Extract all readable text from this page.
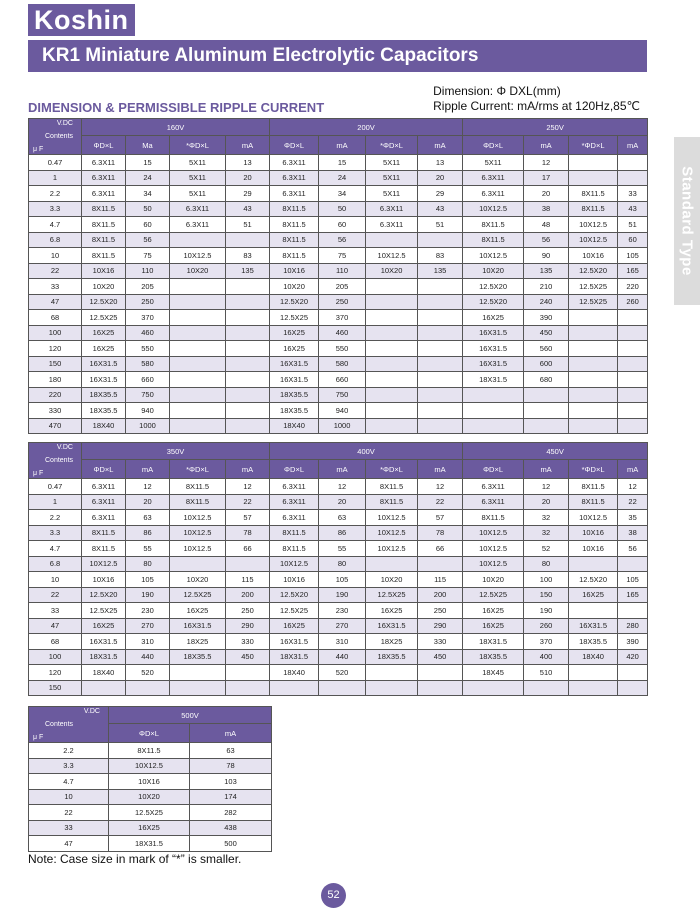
Koshin
KR1 Miniature Aluminum Electrolytic Capacitors
Dimension: Φ DXL(mm)
Ripple Current: mA/rms at 120Hz,85℃
DIMENSION & PERMISSIBLE RIPPLE CURRENT
Standard Type
V.DC
Contents
μ F	160V				200V				250V			
	ΦD×L	Ma	*ΦD×L	mA	ΦD×L	mA	*ΦD×L	mA	ΦD×L	mA	*ΦD×L	mA
0.47	6.3X11	15	5X11	13	6.3X11	15	5X11	13	5X11	12		
1	6.3X11	24	5X11	20	6.3X11	24	5X11	20	6.3X11	17		
2.2	6.3X11	34	5X11	29	6.3X11	34	5X11	29	6.3X11	20	8X11.5	33
3.3	8X11.5	50	6.3X11	43	8X11.5	50	6.3X11	43	10X12.5	38	8X11.5	43
4.7	8X11.5	60	6.3X11	51	8X11.5	60	6.3X11	51	8X11.5	48	10X12.5	51
6.8	8X11.5	56			8X11.5	56			8X11.5	56	10X12.5	60
10	8X11.5	75	10X12.5	83	8X11.5	75	10X12.5	83	10X12.5	90	10X16	105
22	10X16	110	10X20	135	10X16	110	10X20	135	10X20	135	12.5X20	165
33	10X20	205			10X20	205			12.5X20	210	12.5X25	220
47	12.5X20	250			12.5X20	250			12.5X20	240	12.5X25	260
68	12.5X25	370			12.5X25	370			16X25	390		
100	16X25	460			16X25	460			16X31.5	450		
120	16X25	550			16X25	550			16X31.5	560		
150	16X31.5	580			16X31.5	580			16X31.5	600		
180	16X31.5	660			16X31.5	660			18X31.5	680		
220	18X35.5	750			18X35.5	750						
330	18X35.5	940			18X35.5	940						
470	18X40	1000			18X40	1000						
V.DC
Contents
μ F	350V				400V				450V			
	ΦD×L	mA	*ΦD×L	mA	ΦD×L	mA	*ΦD×L	mA	ΦD×L	mA	*ΦD×L	mA
0.47	6.3X11	12	8X11.5	12	6.3X11	12	8X11.5	12	6.3X11	12	8X11.5	12
1	6.3X11	20	8X11.5	22	6.3X11	20	8X11.5	22	6.3X11	20	8X11.5	22
2.2	6.3X11	63	10X12.5	57	6.3X11	63	10X12.5	57	8X11.5	32	10X12.5	35
3.3	8X11.5	86	10X12.5	78	8X11.5	86	10X12.5	78	10X12.5	32	10X16	38
4.7	8X11.5	55	10X12.5	66	8X11.5	55	10X12.5	66	10X12.5	52	10X16	56
6.8	10X12.5	80			10X12.5	80			10X12.5	80		
10	10X16	105	10X20	115	10X16	105	10X20	115	10X20	100	12.5X20	105
22	12.5X20	190	12.5X25	200	12.5X20	190	12.5X25	200	12.5X25	150	16X25	165
33	12.5X25	230	16X25	250	12.5X25	230	16X25	250	16X25	190		
47	16X25	270	16X31.5	290	16X25	270	16X31.5	290	16X25	260	16X31.5	280
68	16X31.5	310	18X25	330	16X31.5	310	18X25	330	18X31.5	370	18X35.5	390
100	18X31.5	440	18X35.5	450	18X31.5	440	18X35.5	450	18X35.5	400	18X40	420
120	18X40	520			18X40	520			18X45	510		
150												
V.DC
Contents
μ F	500V	
	ΦD×L	mA
2.2	8X11.5	63
3.3	10X12.5	78
4.7	10X16	103
10	10X20	174
22	12.5X25	282
33	16X25	438
47	18X31.5	500
Note: Case size in mark of “*” is smaller.
52
